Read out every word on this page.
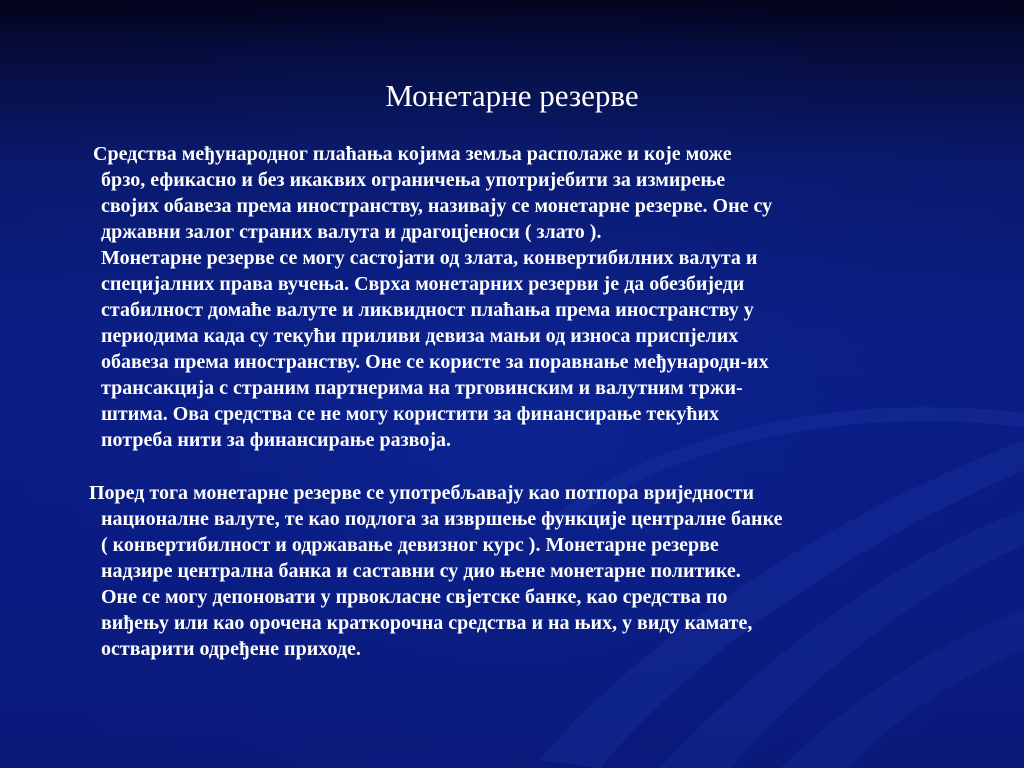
Монетарне резерве
Средства међународног плаћања којима земља располаже и које може
брзо, ефикасно и без икаквих ограничења употријебити за измирење
својих обавеза према иностранству, називају се монетарне резерве. Оне су
државни залог страних валута и драгоцјеноси ( злато ).
Монетарне резерве се могу састојати од злата, конвертибилних валута и
специјалних права вучења. Сврха монетарних резерви је да обезбиједи
стабилност домаће валуте и ликвидност плаћања према иностранству у
периодима када су текући приливи девиза мањи од износа приспјелих
обавеза према иностранству. Оне се користе за поравнање међународн-их
трансакција с страним партнерима на трговинским и валутним тржи-
штима. Ова средства се не могу користити за финансирање текућих
потреба нити за финансирање развоја.
Поред тога монетарне резерве се употребљавају као потпора вриједности
националне валуте, те као подлога за извршење функције централне банке
( конвертибилност и одржавање девизног курс ). Монетарне резерве
надзире централна банка и саставни су дио њене монетарне политике.
Оне се могу депоновати у првокласне свјетске банке, као средства по
виђењу или као орочена краткорочна средства и на њих, у виду камате,
остварити одређене приходе.
